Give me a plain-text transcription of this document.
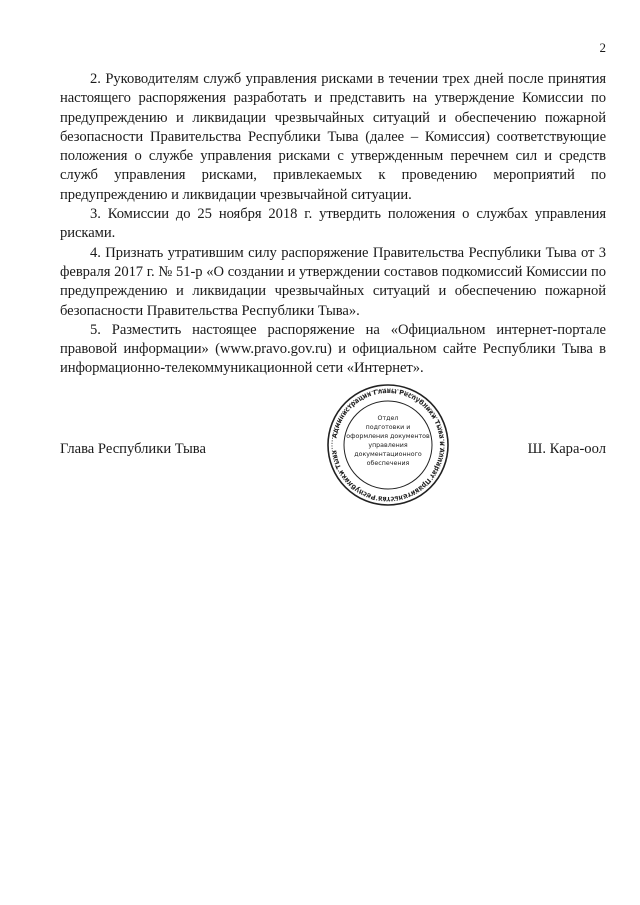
2

2. Руководителям служб управления рисками в течении трех дней после принятия настоящего распоряжения разработать и представить на утверждение Комиссии по предупреждению и ликвидации чрезвычайных ситуаций и обеспечению пожарной безопасности Правительства Республики Тыва (далее – Комиссия) соответствующие положения о службе управления рисками с утвержденным перечнем сил и средств служб управления рисками, привлекаемых к проведению мероприятий по предупреждению и ликвидации чрезвычайной ситуации.

3. Комиссии до 25 ноября 2018 г. утвердить положения о службах управления рисками.

4. Признать утратившим силу распоряжение Правительства Республики Тыва от 3 февраля 2017 г. № 51-р «О создании и утверждении составов подкомиссий Комиссии по предупреждению и ликвидации чрезвычайных ситуаций и обеспечению пожарной безопасности Правительства Республики Тыва».

5. Разместить настоящее распоряжение на «Официальном интернет-портале правовой информации» (www.pravo.gov.ru) и официальном сайте Республики Тыва в информационно-телекоммуникационной сети «Интернет».

Глава Республики Тыва	Ш. Кара-оол
Администрация Главы Республики Тыва и Аппарат Правительства Республики Тыва
Отдел
подготовки и
оформления документов
управления
документационного
обеспечения
